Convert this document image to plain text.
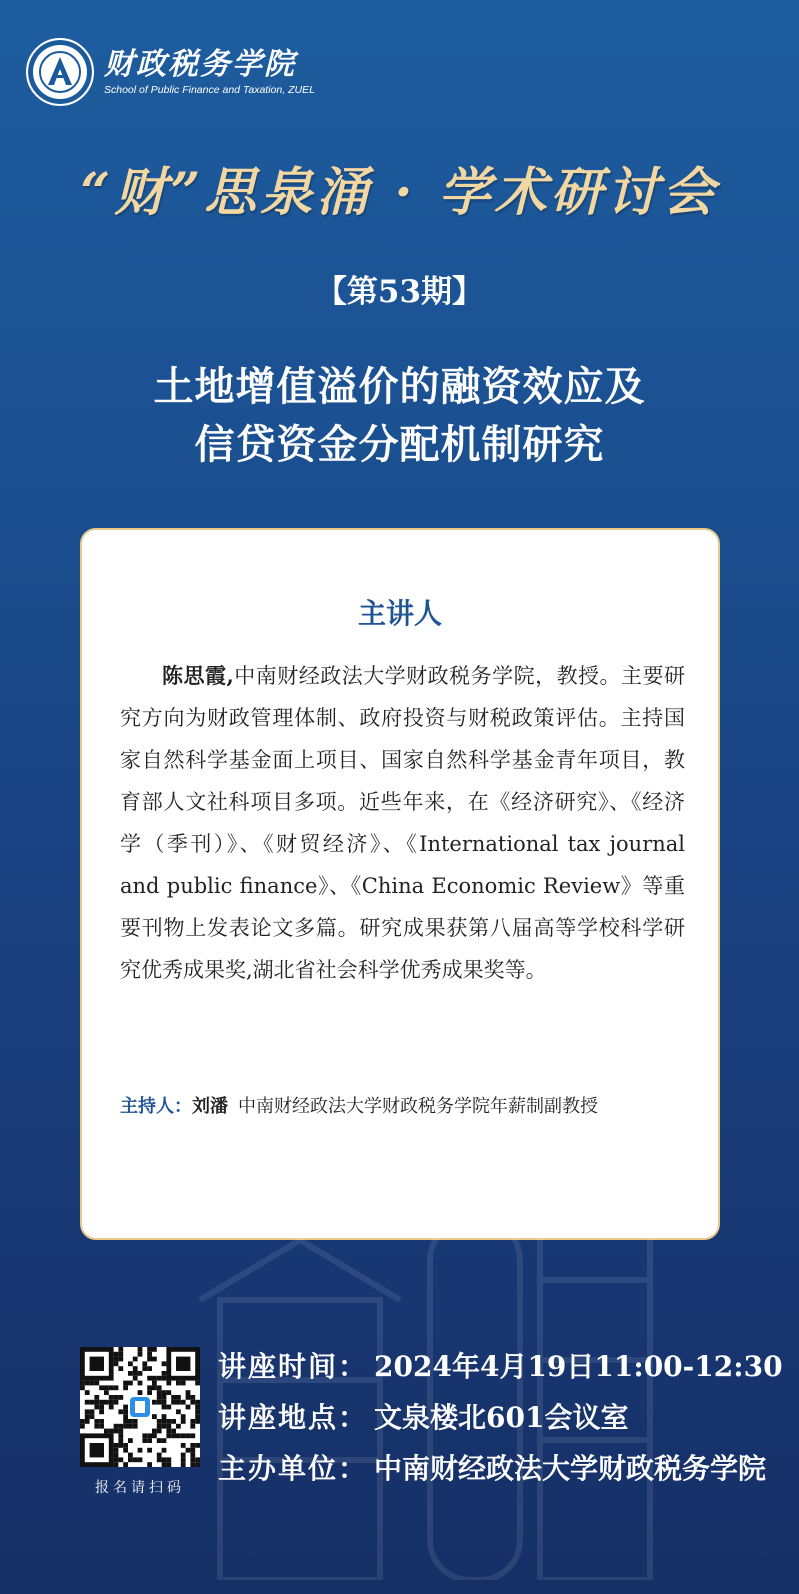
财政税务学院
School of Public Finance and Taxation, ZUEL
“财”思泉涌 · 学术研讨会
【第53期】
土地增值溢价的融资效应及
信贷资金分配机制研究
主讲人
陈思霞,中南财经政法大学财政税务学院，教授。主要研究方向为财政管理体制、政府投资与财税政策评估。主持国家自然科学基金面上项目、国家自然科学基金青年项目，教育部人文社科项目多项。近些年来，在《经济研究》、《经济学（季刊）》、《财贸经济》、《International tax journal and public finance》、《China Economic Review》等重要刊物上发表论文多篇。研究成果获第八届高等学校科学研究优秀成果奖,湖北省社会科学优秀成果奖等。
主持人：刘潘 中南财经政法大学财政税务学院年薪制副教授
报名请扫码
讲座时间： 2024年4月19日11:00-12:30
讲座地点： 文泉楼北601会议室
主办单位： 中南财经政法大学财政税务学院
